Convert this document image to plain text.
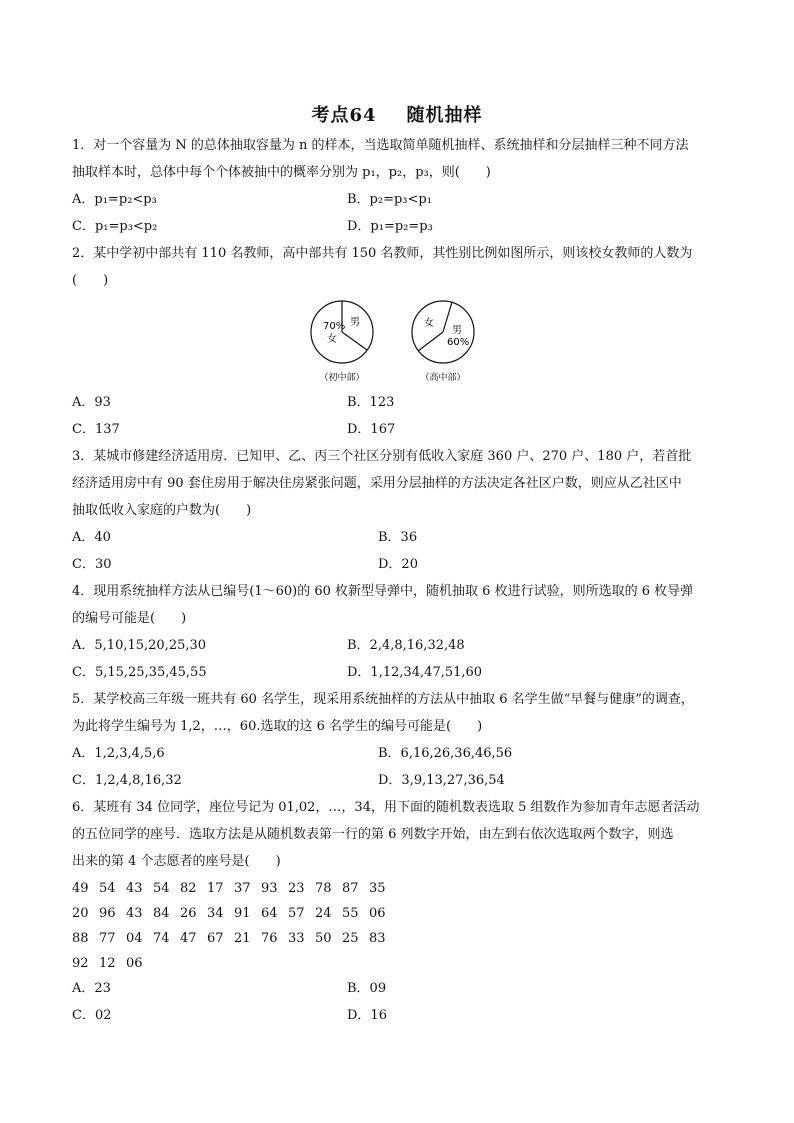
考点64 随机抽样
1．对一个容量为 N 的总体抽取容量为 n 的样本，当选取简单随机抽样、系统抽样和分层抽样三种不同方法
抽取样本时，总体中每个个体被抽中的概率分别为 p₁，p₂，p₃，则(　　)
A．p₁=p₂<p₃	B．p₂=p₃<p₁
C．p₁=p₃<p₂	D．p₁=p₂=p₃
2．某中学初中部共有 110 名教师，高中部共有 150 名教师，其性别比例如图所示，则该校女教师的人数为
(　　)
70%
女
男
（初中部）
女
男
60%
（高中部）
A．93	B．123
C．137	D．167
3．某城市修建经济适用房．已知甲、乙、丙三个社区分别有低收入家庭 360 户、270 户、180 户，若首批
经济适用房中有 90 套住房用于解决住房紧张问题，采用分层抽样的方法决定各社区户数，则应从乙社区中
抽取低收入家庭的户数为(　　)
A．40	B．36
C．30	D．20
4．现用系统抽样方法从已编号(1～60)的 60 枚新型导弹中，随机抽取 6 枚进行试验，则所选取的 6 枚导弹
的编号可能是(　　)
A．5,10,15,20,25,30	B．2,4,8,16,32,48
C．5,15,25,35,45,55	D．1,12,34,47,51,60
5．某学校高三年级一班共有 60 名学生，现采用系统抽样的方法从中抽取 6 名学生做“早餐与健康”的调查，
为此将学生编号为 1,2，…，60.选取的这 6 名学生的编号可能是(　　)
A．1,2,3,4,5,6	B．6,16,26,36,46,56
C．1,2,4,8,16,32	D．3,9,13,27,36,54
6．某班有 34 位同学，座位号记为 01,02，…，34，用下面的随机数表选取 5 组数作为参加青年志愿者活动
的五位同学的座号．选取方法是从随机数表第一行的第 6 列数字开始，由左到右依次选取两个数字，则选
出来的第 4 个志愿者的座号是(　　)
49 54 43 54 82 17 37 93 23 78 87 35
20 96 43 84 26 34 91 64 57 24 55 06
88 77 04 74 47 67 21 76 33 50 25 83
92 12 06
A．23	B．09
C．02	D．16
